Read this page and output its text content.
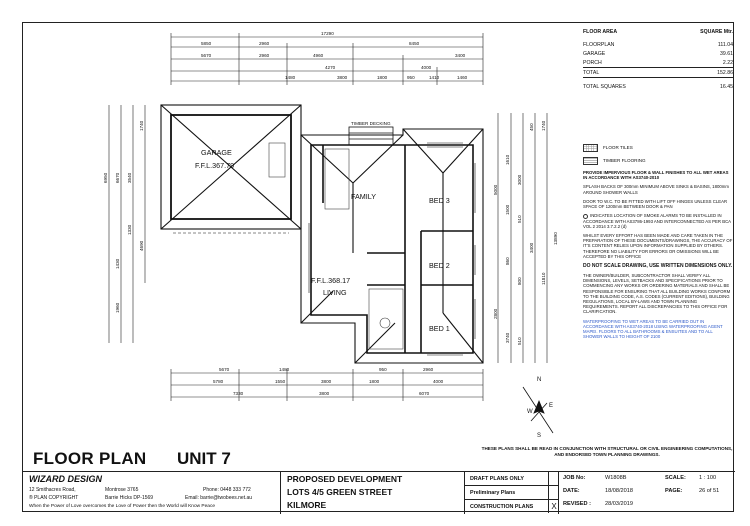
GARAGE
F.F.L.367.79
FAMILY
F.F.L.368.17
LIVING
BED 3
BED 2
BED 1
TIMBER DECKING
17290
5850	2960	8450
5670	2960	4960	3400
4270	4000
1480	3800	1800	950	1410	1460
5670	1480	950	2960
5780	1550	3800	1800	4000
7330	3800	6070
6950 6670 3540
1740
1330
4690
1430
1960
1740
450
1610
3000
5000
1500
510
3400
860
800
2800
11810
13890
3740 510
N
W
E
S
FLOOR AREA	SQUARE Mtr.
FLOORPLAN	111.04
GARAGE	39.61
PORCH	2.22
TOTAL	152.86
TOTAL SQUARES	16.45
FLOOR TILES
TIMBER FLOORING

PROVIDE IMPERVIOUS FLOOR & WALL FINISHES TO ALL WET AREAS IN ACCORDANCE WITH AS3740-2010

SPLASH BACKS OF 300mm MINIMUM ABOVE SINKS & BASINS, 1800mm AROUND SHOWER WALLS

DOOR TO W.C. TO BE FITTED WITH LIFT OFF HINGES UNLESS CLEAR SPACE OF 1200mm BETWEEN DOOR & PAN

INDICATES LOCATION OF SMOKE ALARMS TO BE INSTALLED IN ACCORDANCE WITH AS3786-1993 AND INTERCONNECTED AS PER BCA VOL 2 2014 3.7.2.2 (d)

WHILST EVERY EFFORT HAS BEEN MADE AND CARE TAKEN IN THE PREPARATION OF THESE DOCUMENTS/DRAWINGS, THE ACCURACY OF IT'S CONTENT RELIES UPON INFORMATION SUPPLIED BY OTHERS. THEREFORE NO LIABILITY FOR ERRORS OR OMISSIONS WILL BE ACCEPTED BY THIS OFFICE

DO NOT SCALE DRAWING, USE WRITTEN DIMENSIONS ONLY.

THE OWNER/BUILDER, SUBCONTRACTOR SHALL VERIFY ALL DIMENSIONS, LEVELS, SETBACKS AND SPECIFICATIONS PRIOR TO COMMENCING ANY WORKS OR ORDERING MATERIALS AND SHALL BE RESPONSIBLE FOR ENSURING THAT ALL BUILDING WORKS CONFORM TO THE BUILDING CODE, A.S. CODES (CURRENT EDITIONS), BUILDING REGULATIONS, LOCAL BY-LAWS AND TOWN PLANNING REQUIREMENTS. REPORT ALL DISCREPANCIES TO THIS OFFICE FOR CLARIFICATION.

WATERPROOFING TO WET AREAS TO BE CARRIED OUT IN ACCORDANCE WITH AS3740-2018 USING WATERPROOFING AGENT MAPEI. FLOORS TO ALL BATHROOMS & ENSUITES AND TO ALL SHOWER WALLS TO HEIGHT OF 2100

THESE PLANS SHALL BE READ IN CONJUNCTION WITH STRUCTURAL OR CIVIL ENGINEERING COMPUTATIONS, AND ENDORSED TOWN PLANNING DRAWINGS.
FLOOR PLAN UNIT 7
WIZARD DESIGN
12 Smithacres Road,	Montrose 3765	Phone: 0448 333 772
® PLAN COPYRIGHT	Barrie Hicks DP-1569	Email: barrie@twobees.net.au
When the Power of Love overcomes the Love of Power then the World will Know Peace
PROPOSED DEVELOPMENT
LOTS 4/5 GREEN STREET
KILMORE
DRAFT PLANS ONLY
Preliminary Plans
CONSTRUCTION PLANS	X
JOB No:	W1808B
DATE:	18/08/2018
REVISED :	28/03/2019
SCALE: 1 : 100
PAGE:	26 of 51
